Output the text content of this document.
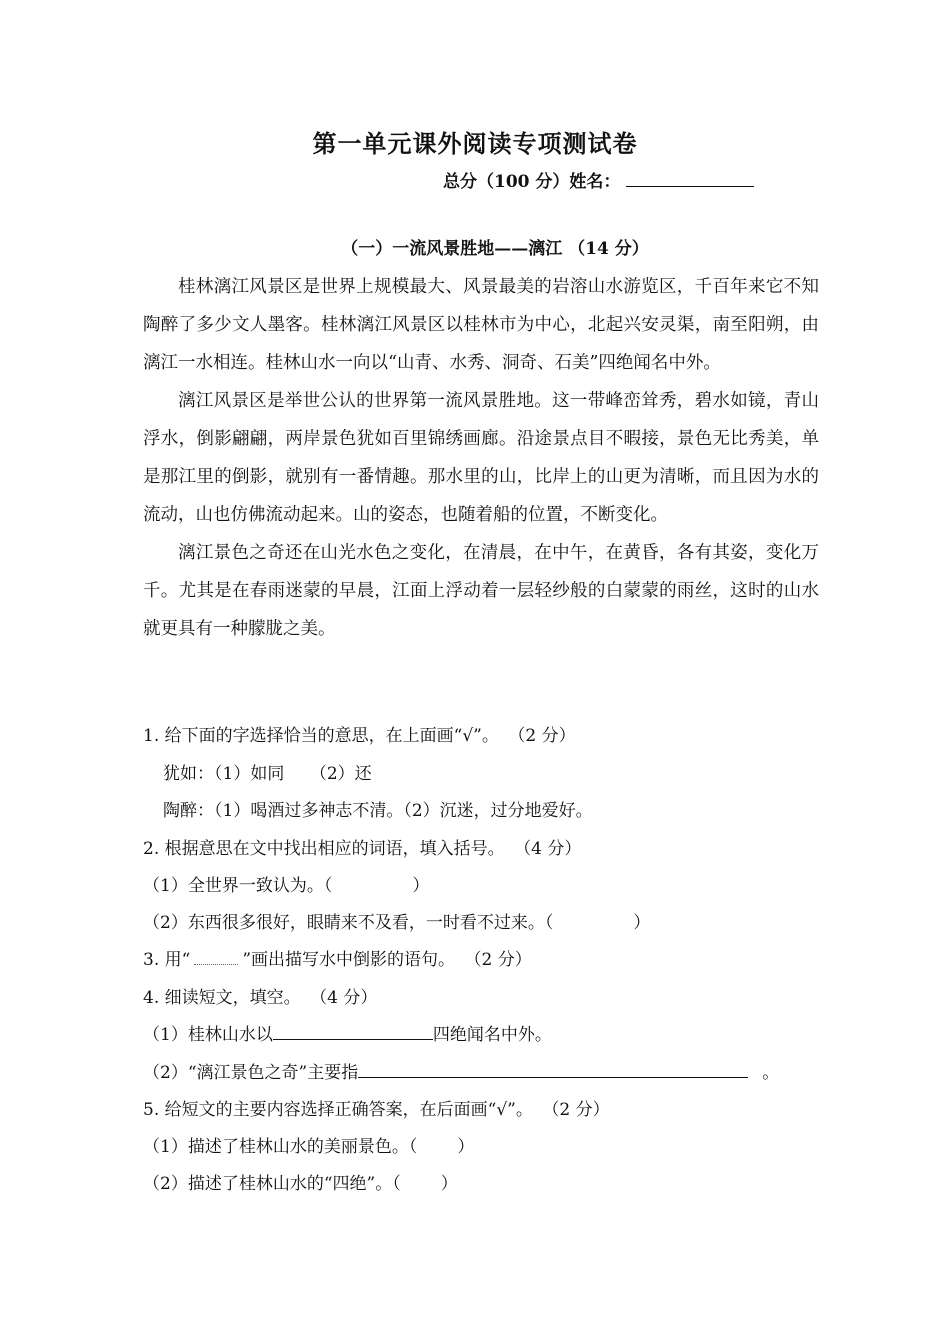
第一单元课外阅读专项测试卷
总分（100 分）姓名：
（一）一流风景胜地——漓江 （14 分）

桂林漓江风景区是世界上规模最大、风景最美的岩溶山水游览区，千百年来它不知陶醉了多少文人墨客。桂林漓江风景区以桂林市为中心，北起兴安灵渠，南至阳朔，由漓江一水相连。桂林山水一向以“山青、水秀、洞奇、石美”四绝闻名中外。

漓江风景区是举世公认的世界第一流风景胜地。这一带峰峦耸秀，碧水如镜，青山浮水，倒影翩翩，两岸景色犹如百里锦绣画廊。沿途景点目不暇接，景色无比秀美，单是那江里的倒影，就别有一番情趣。那水里的山，比岸上的山更为清晰，而且因为水的流动，山也仿佛流动起来。山的姿态，也随着船的位置，不断变化。

漓江景色之奇还在山光水色之变化，在清晨，在中午，在黄昏，各有其姿，变化万千。尤其是在春雨迷蒙的早晨，江面上浮动着一层轻纱般的白蒙蒙的雨丝，这时的山水就更具有一种朦胧之美。

1. 给下面的字选择恰当的意思，在上面画“√”。 （2 分）
犹如：（1）如同　　（2）还
陶醉：（1）喝酒过多神志不清。（2）沉迷，过分地爱好。
2. 根据意思在文中找出相应的词语，填入括号。 （4 分）
（1）全世界一致认为。（	）
（2）东西很多很好，眼睛来不及看，一时看不过来。（	）
3. 用“	”画出描写水中倒影的语句。 （2 分）
4. 细读短文，填空。 （4 分）
（1）桂林山水以	四绝闻名中外。
（2）“漓江景色之奇”主要指	。
5. 给短文的主要内容选择正确答案，在后面画“√”。 （2 分）
（1）描述了桂林山水的美丽景色。（ ）
（2）描述了桂林山水的“四绝”。（ ）
